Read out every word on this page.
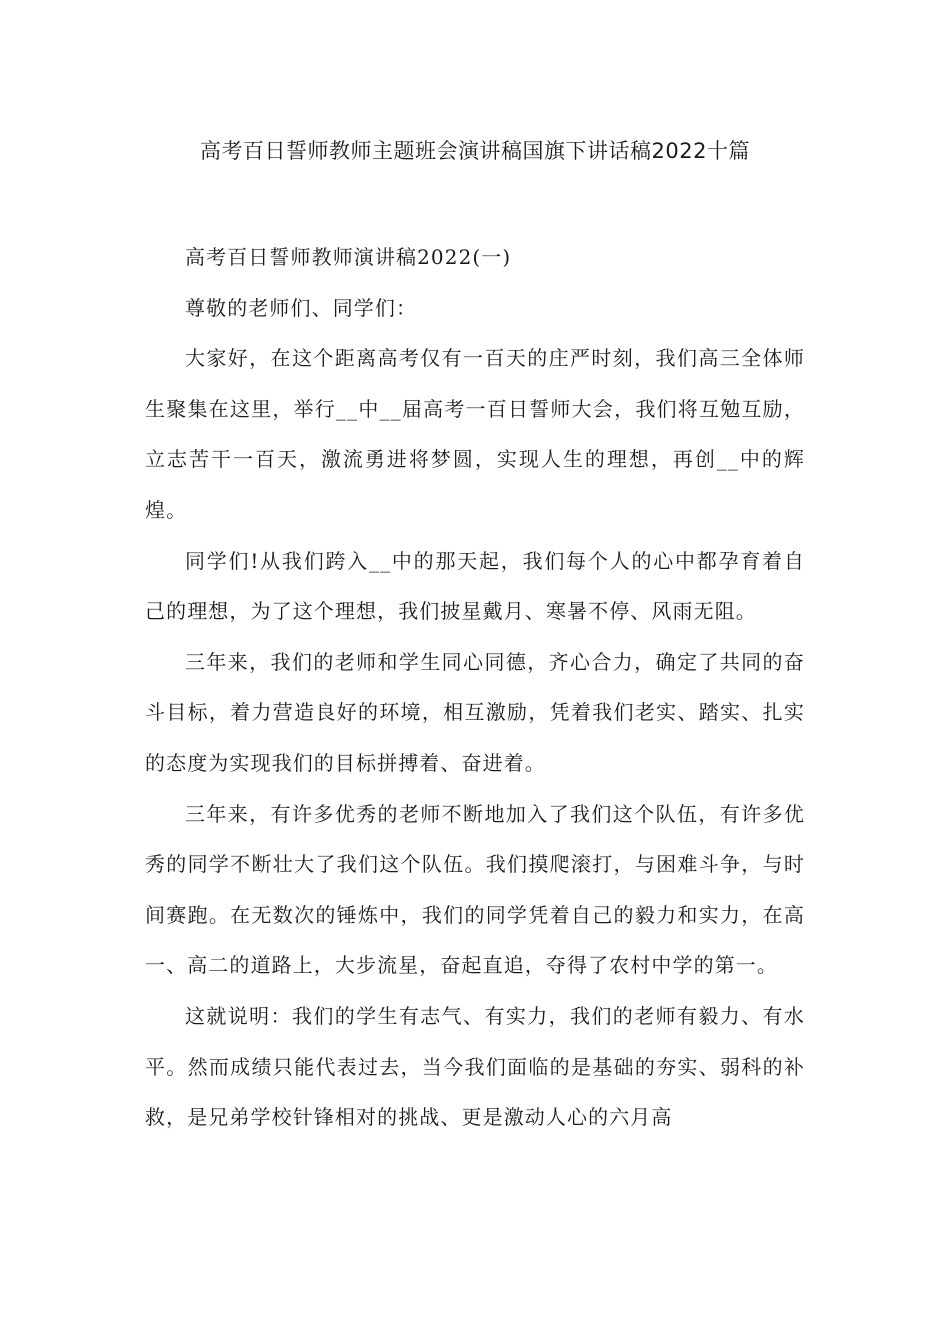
高考百日誓师教师主题班会演讲稿国旗下讲话稿2022十篇

高考百日誓师教师演讲稿2022(一)

尊敬的老师们、同学们：

大家好，在这个距离高考仅有一百天的庄严时刻，我们高三全体师生聚集在这里，举行__中__届高考一百日誓师大会，我们将互勉互励，立志苦干一百天，激流勇进将梦圆，实现人生的理想，再创__中的辉煌。

同学们!从我们跨入__中的那天起，我们每个人的心中都孕育着自己的理想，为了这个理想，我们披星戴月、寒暑不停、风雨无阻。

三年来，我们的老师和学生同心同德，齐心合力，确定了共同的奋斗目标，着力营造良好的环境，相互激励，凭着我们老实、踏实、扎实的态度为实现我们的目标拼搏着、奋进着。

三年来，有许多优秀的老师不断地加入了我们这个队伍，有许多优秀的同学不断壮大了我们这个队伍。我们摸爬滚打，与困难斗争，与时间赛跑。在无数次的锤炼中，我们的同学凭着自己的毅力和实力，在高一、高二的道路上，大步流星，奋起直追，夺得了农村中学的第一。

这就说明：我们的学生有志气、有实力，我们的老师有毅力、有水平。然而成绩只能代表过去，当今我们面临的是基础的夯实、弱科的补救，是兄弟学校针锋相对的挑战、更是激动人心的六月高
